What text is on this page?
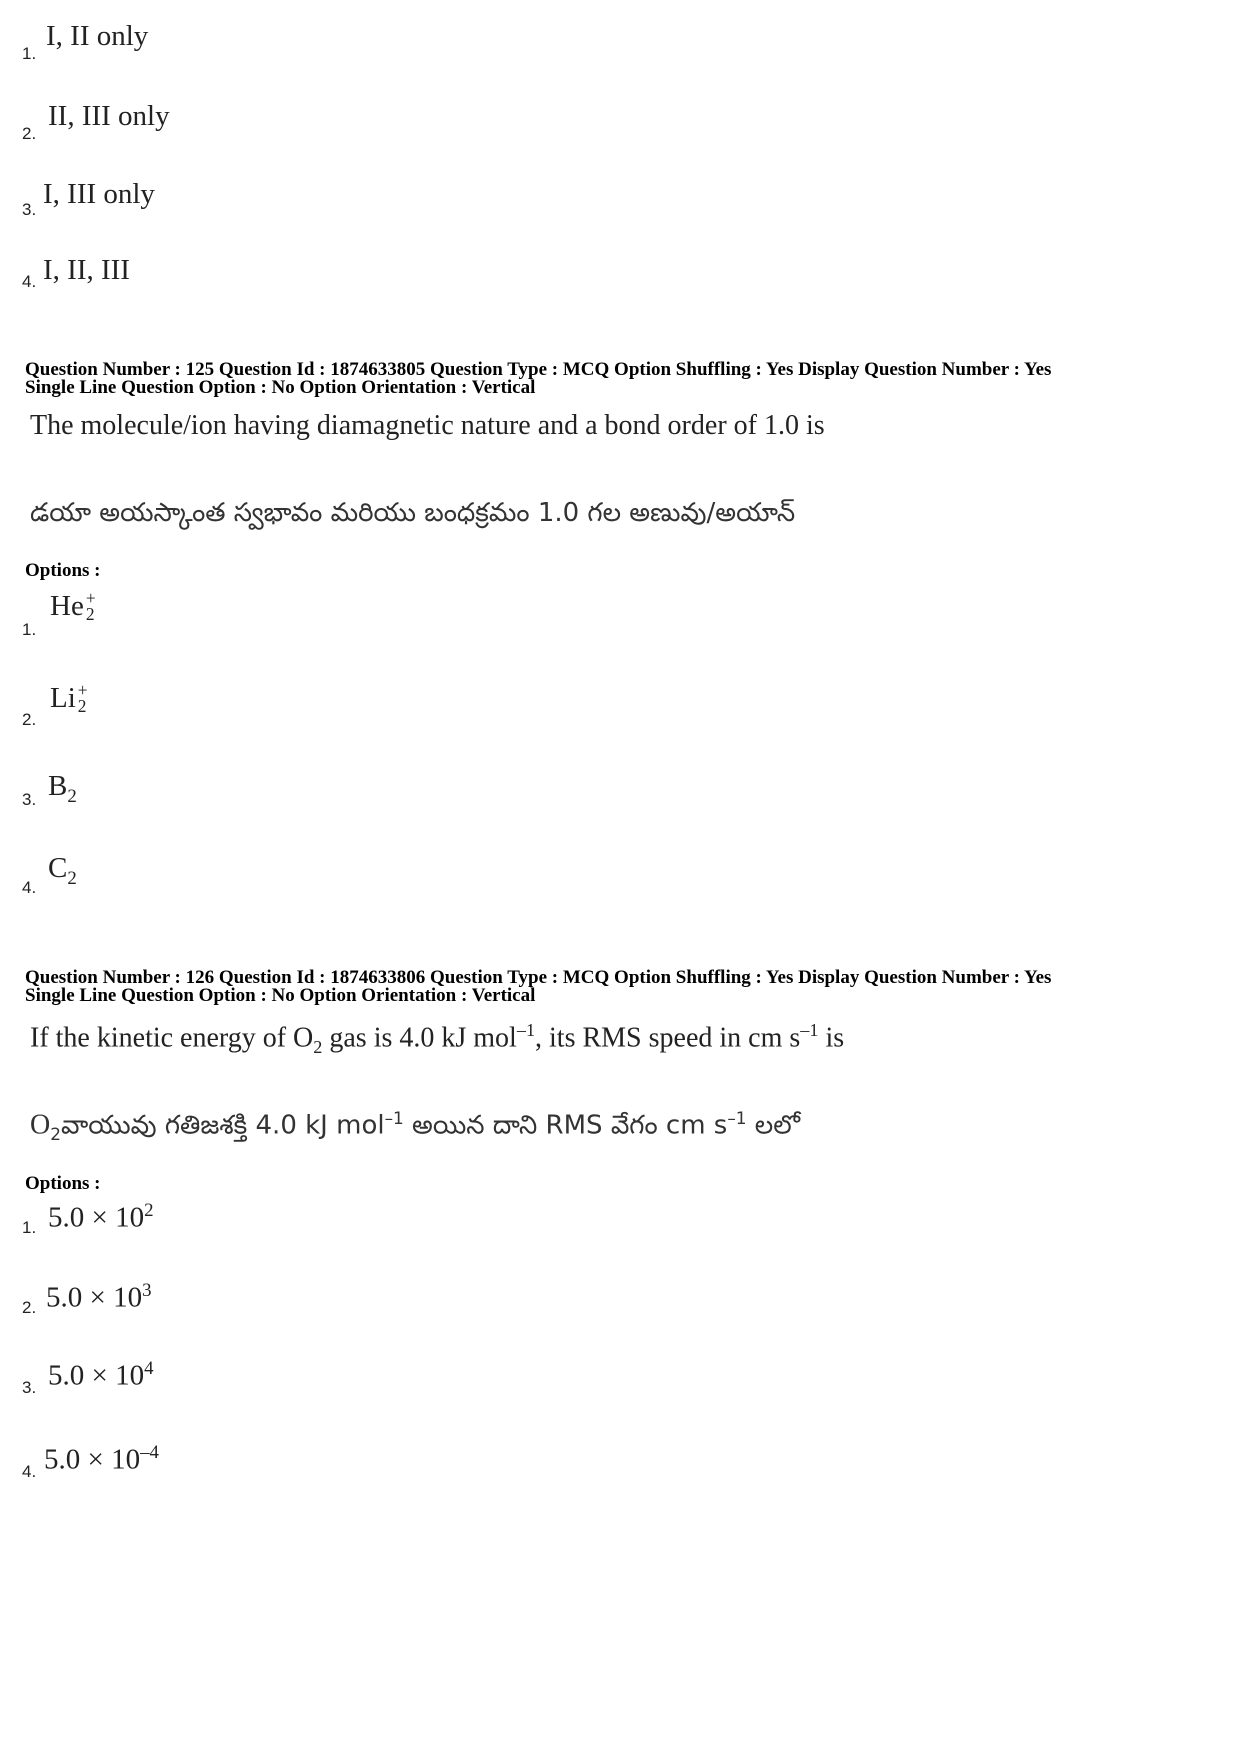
1.
I, II only
2.
II, III only
3. I, III only
4. I, II, III
Question Number : 125 Question Id : 1874633805 Question Type : MCQ Option Shuffling : Yes Display Question Number : Yes
Single Line Question Option : No Option Orientation : Vertical
The molecule/ion having diamagnetic nature and a bond order of 1.0 is
డయా అయస్కాంత స్వభావం మరియు బంధక్రమం 1.0 గల అణువు/అయాన్
Options :
1.
He +
2
2.
Li +
2
3. $B_2$
4.
$C_2$
Question Number : 126 Question Id : 1874633806 Question Type : MCQ Option Shuffling : Yes Display Question Number : Yes
Single Line Question Option : No Option Orientation : Vertical
If the kinetic energy of $O_2$ gas is 4.0 kJ mol$^{-1}$, its RMS speed in cm $s^{-1}$ is
$O_2వాయువు$ గతిజశక్తి 4.0 kJ mol$^{-1}$ అయిన దాని RMS వేగం cm $s^{-1}$ లలో
Options :
1. $5.0 \times 10^2$
2. $5.0 \times 10^3$
3. $5.0 \times 10^4$
4. $5.0 \times 10^{-4}$
